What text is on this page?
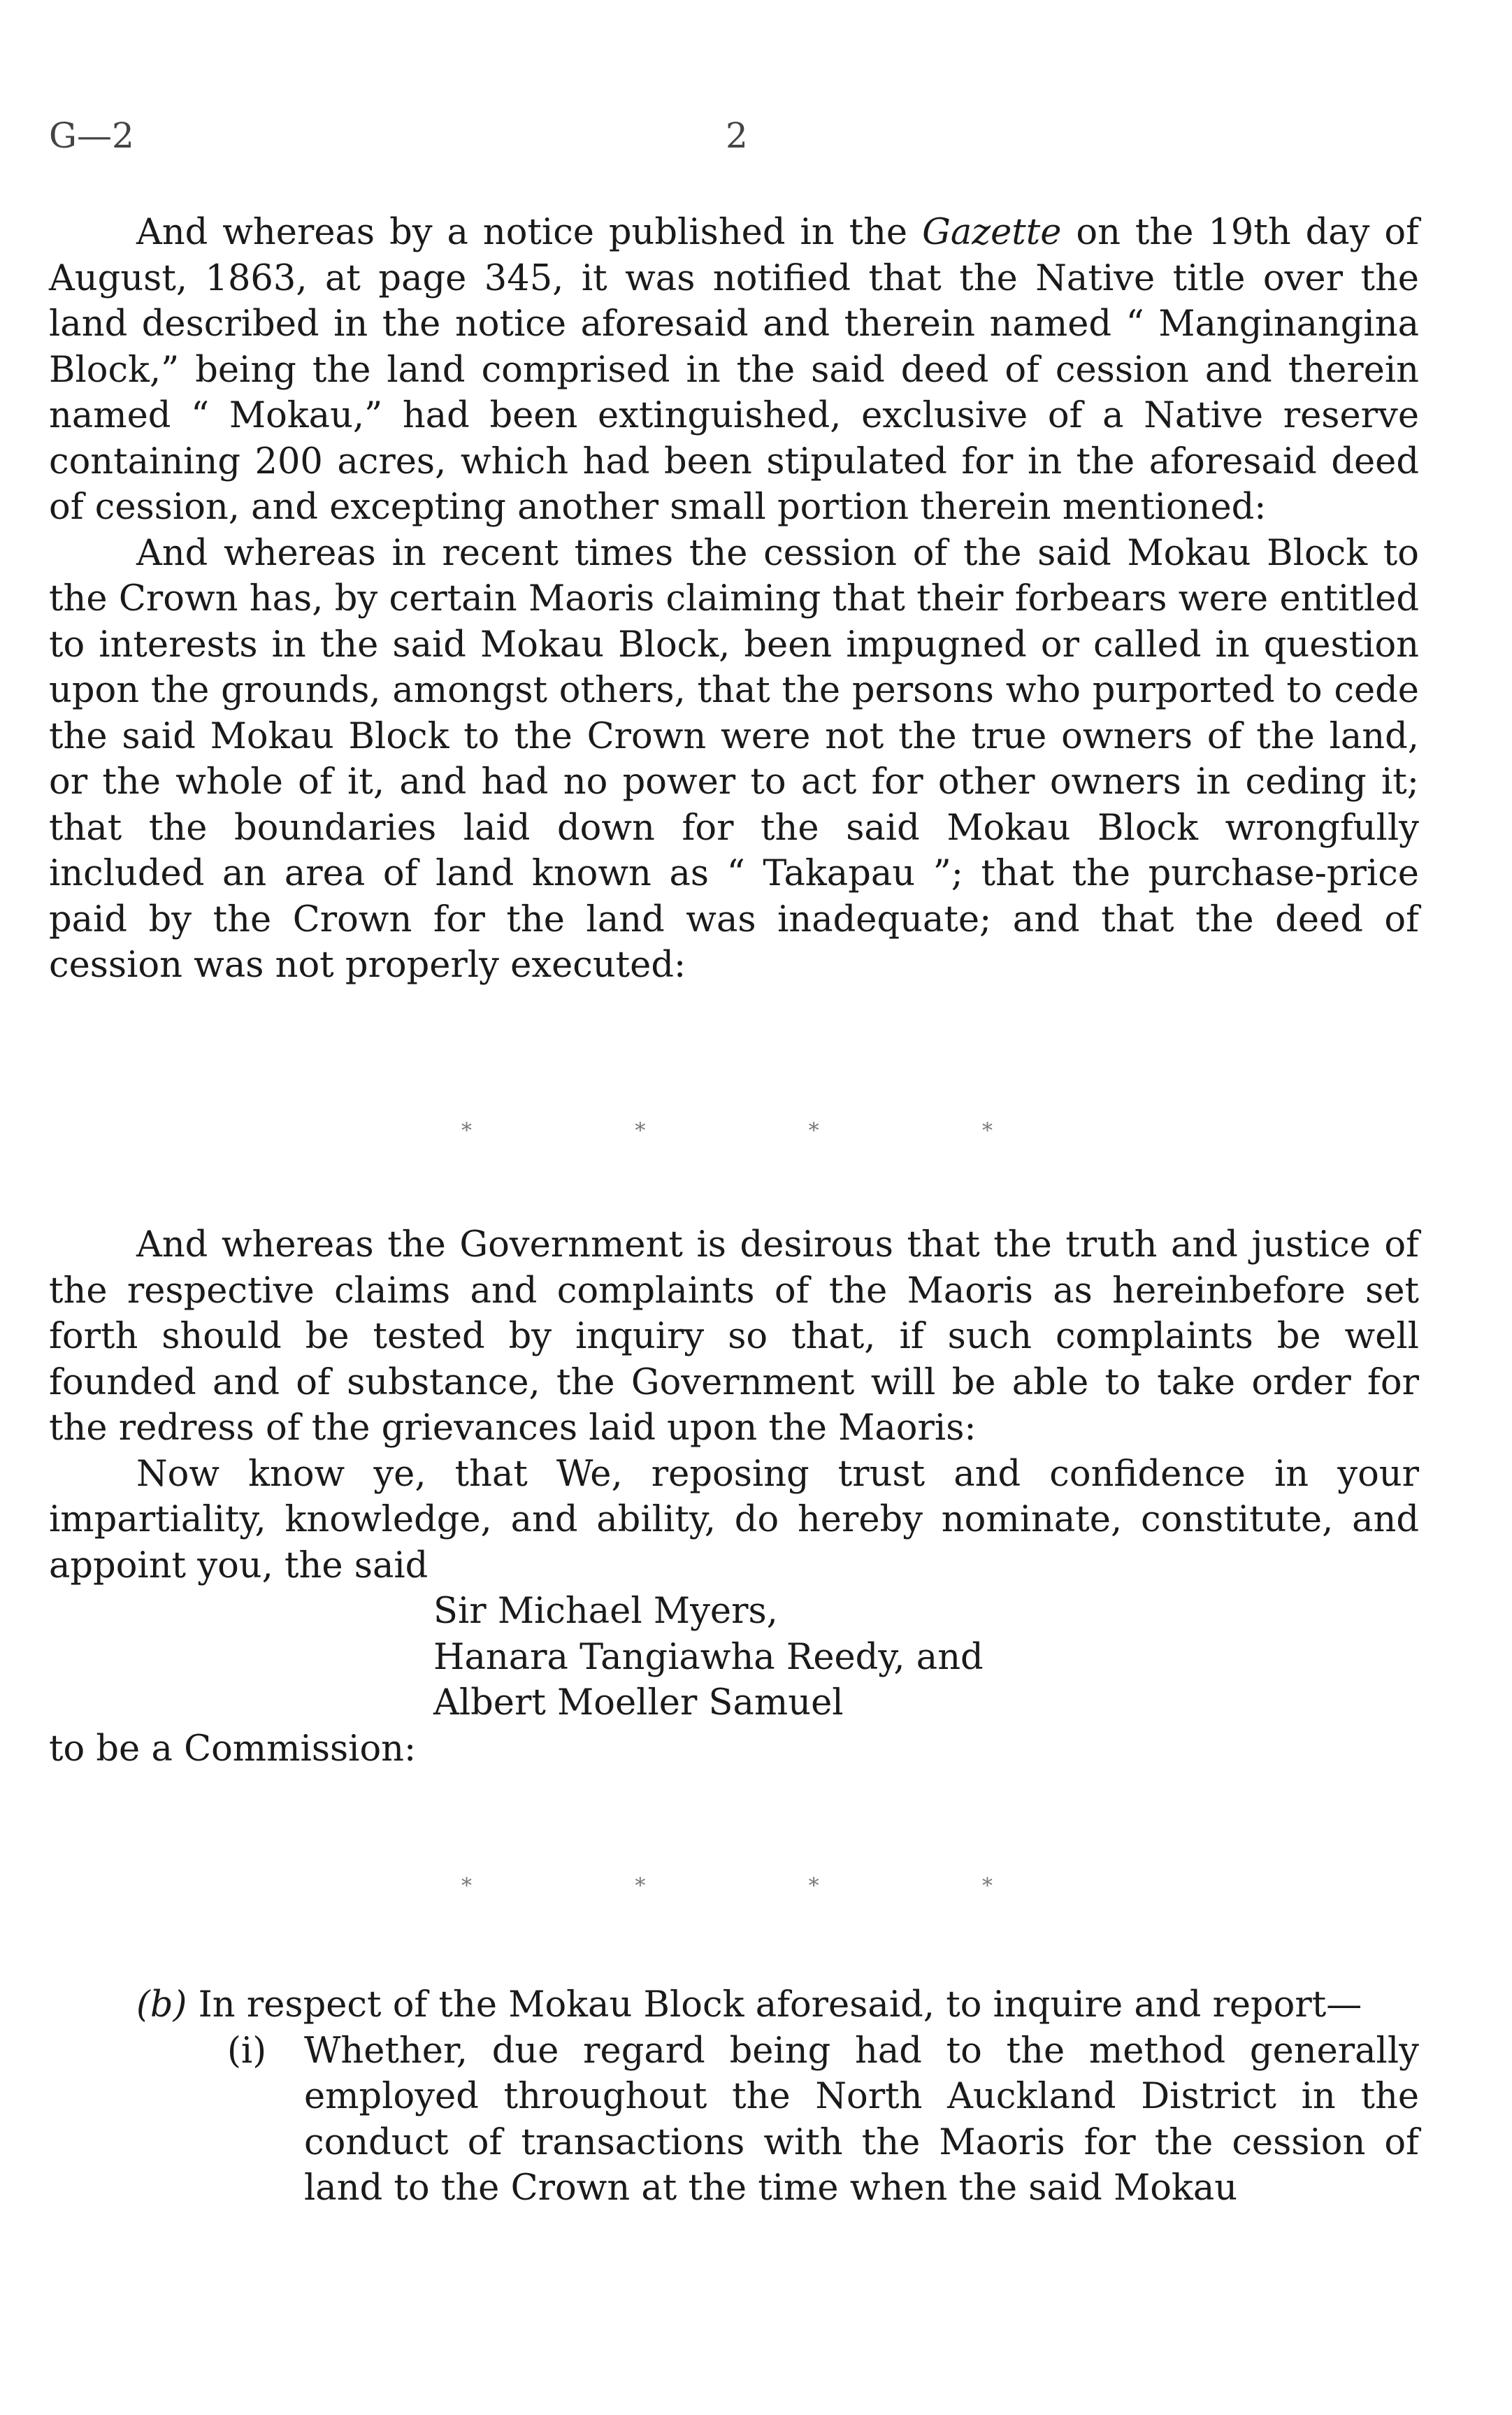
G—2	2

And whereas by a notice published in the Gazette on the 19th day of August, 1863, at page 345, it was notified that the Native title over the land described in the notice aforesaid and therein named “ Manginangina Block,” being the land comprised in the said deed of cession and therein named “ Mokau,” had been extinguished, exclusive of a Native reserve containing 200 acres, which had been stipulated for in the aforesaid deed of cession, and excepting another small portion therein mentioned:

And whereas in recent times the cession of the said Mokau Block to the Crown has, by certain Maoris claiming that their forbears were entitled to interests in the said Mokau Block, been impugned or called in question upon the grounds, amongst others, that the persons who purported to cede the said Mokau Block to the Crown were not the true owners of the land, or the whole of it, and had no power to act for other owners in ceding it; that the boundaries laid down for the said Mokau Block wrongfully included an area of land known as “ Takapau ”; that the purchase-price paid by the Crown for the land was inadequate; and that the deed of cession was not properly executed:

*	*	*	*

And whereas the Government is desirous that the truth and justice of the respective claims and complaints of the Maoris as hereinbefore set forth should be tested by inquiry so that, if such complaints be well founded and of substance, the Government will be able to take order for the redress of the grievances laid upon the Maoris:

Now know ye, that We, reposing trust and confidence in your impartiality, knowledge, and ability, do hereby nominate, constitute, and appoint you, the said

Sir Michael Myers,
Hanara Tangiawha Reedy, and
Albert Moeller Samuel

to be a Commission:

*	*	*	*

(b) In respect of the Mokau Block aforesaid, to inquire and report—

(i) Whether, due regard being had to the method generally employed throughout the North Auckland District in the conduct of transactions with the Maoris for the cession of land to the Crown at the time when the said Mokau
